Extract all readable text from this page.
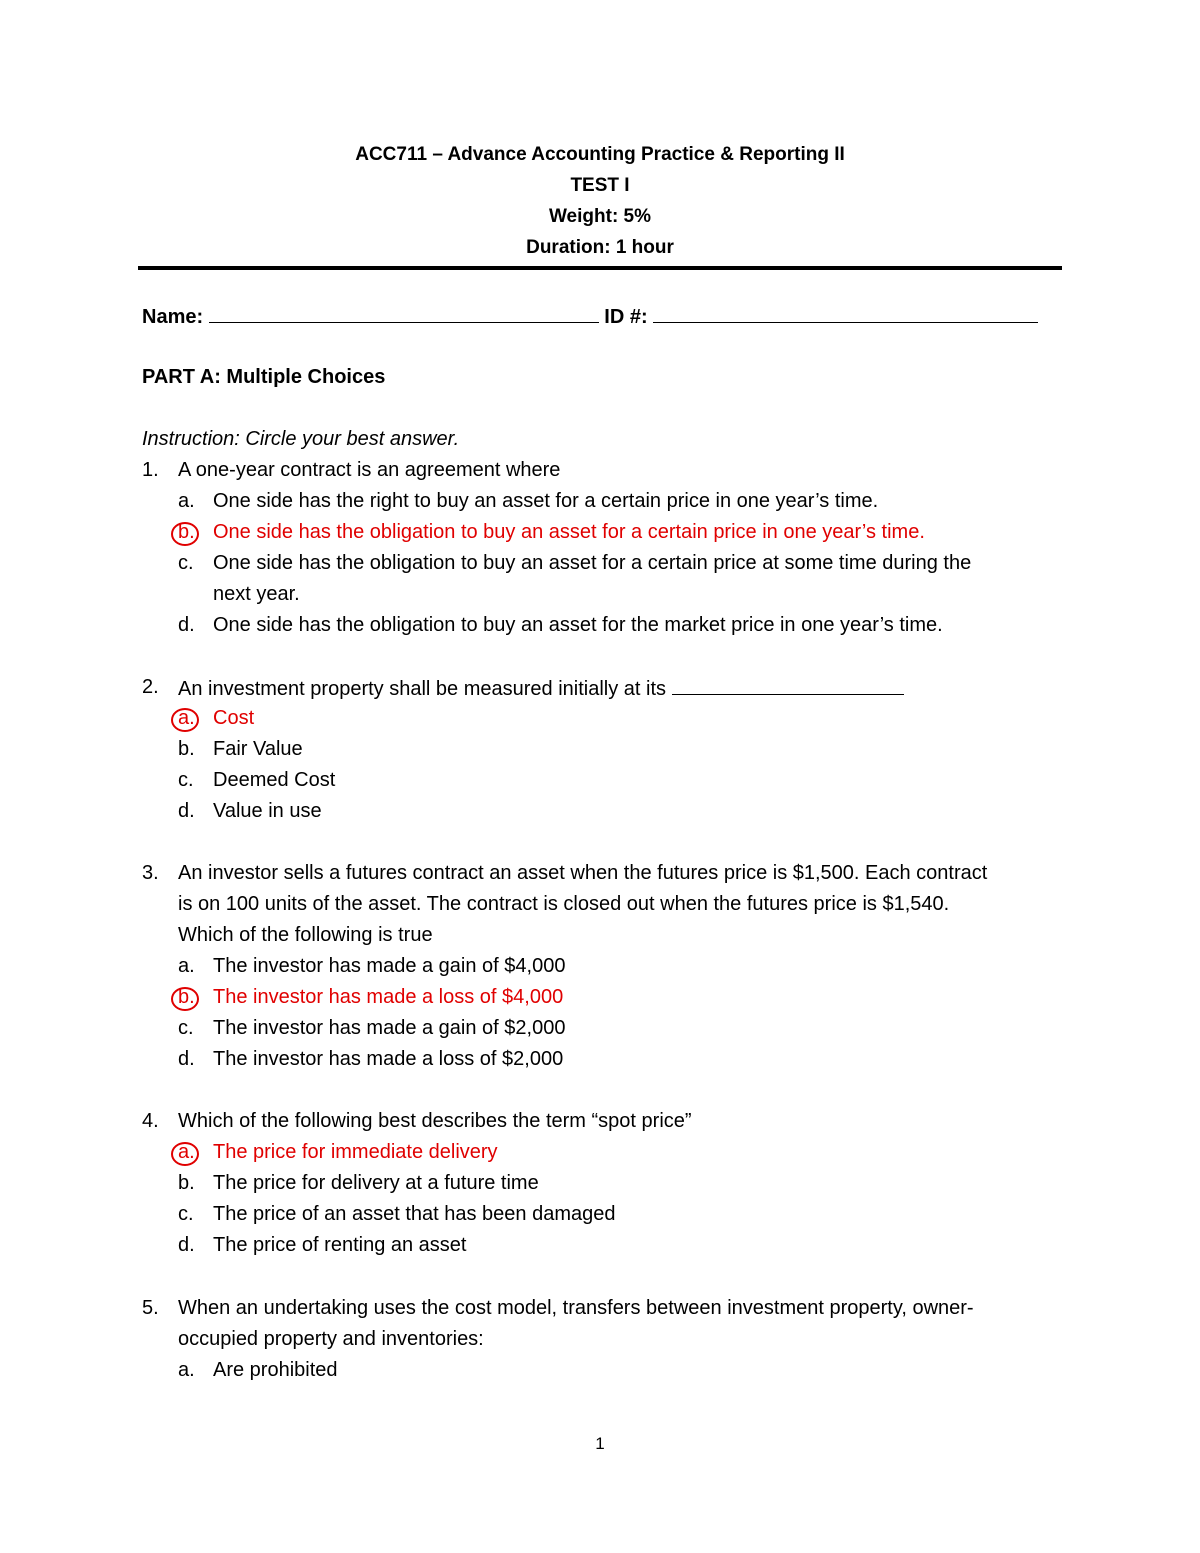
ACC711 – Advance Accounting Practice & Reporting II
TEST I
Weight: 5%
Duration: 1 hour
Name:	ID #:
PART A: Multiple Choices
Instruction: Circle your best answer.
1. A one-year contract is an agreement where
a. One side has the right to buy an asset for a certain price in one year’s time.
b. One side has the obligation to buy an asset for a certain price in one year’s time.
c. One side has the obligation to buy an asset for a certain price at some time during the
next year.
d. One side has the obligation to buy an asset for the market price in one year’s time.
2. An investment property shall be measured initially at its
a. Cost
b. Fair Value
c. Deemed Cost
d. Value in use
3. An investor sells a futures contract an asset when the futures price is $1,500. Each contract
is on 100 units of the asset. The contract is closed out when the futures price is $1,540.
Which of the following is true
a. The investor has made a gain of $4,000
b. The investor has made a loss of $4,000
c. The investor has made a gain of $2,000
d. The investor has made a loss of $2,000
4. Which of the following best describes the term “spot price”
a. The price for immediate delivery
b. The price for delivery at a future time
c. The price of an asset that has been damaged
d. The price of renting an asset
5. When an undertaking uses the cost model, transfers between investment property, owner-
occupied property and inventories:
a. Are prohibited
1
